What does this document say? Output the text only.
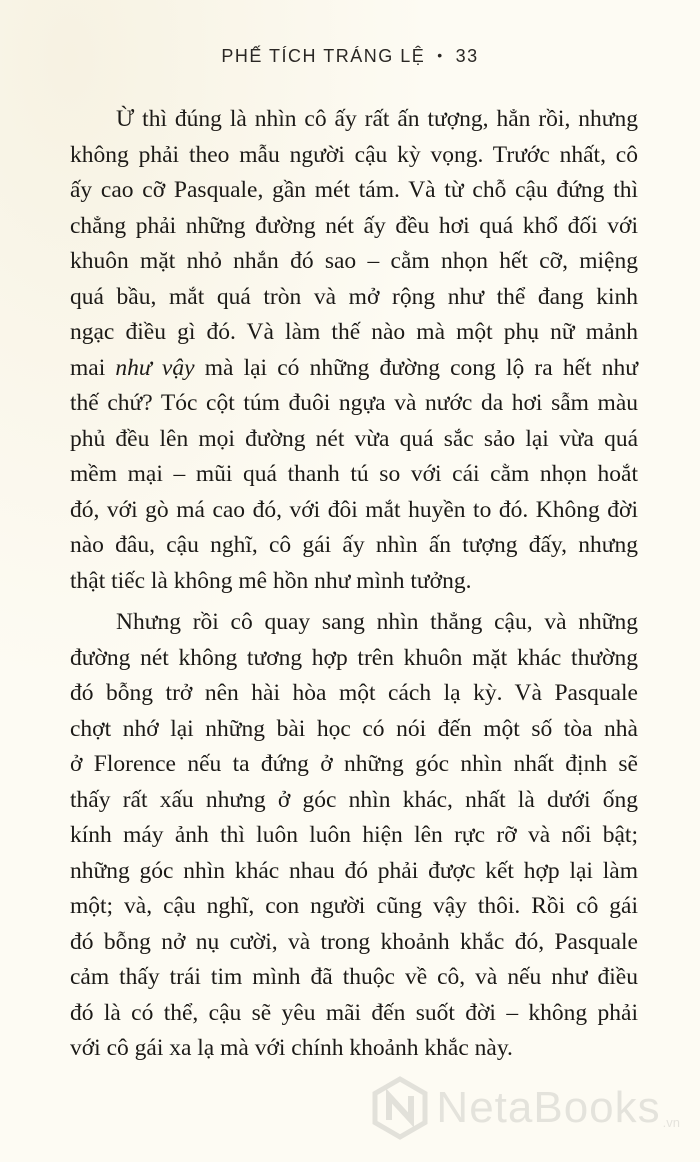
PHẾ TÍCH TRÁNG LỆ • 33
Ừ thì đúng là nhìn cô ấy rất ấn tượng, hẳn rồi, nhưng
không phải theo mẫu người cậu kỳ vọng. Trước nhất, cô
ấy cao cỡ Pasquale, gần mét tám. Và từ chỗ cậu đứng thì
chẳng phải những đường nét ấy đều hơi quá khổ đối với
khuôn mặt nhỏ nhắn đó sao – cằm nhọn hết cỡ, miệng
quá bầu, mắt quá tròn và mở rộng như thể đang kinh
ngạc điều gì đó. Và làm thế nào mà một phụ nữ mảnh
mai như vậy mà lại có những đường cong lộ ra hết như
thế chứ? Tóc cột túm đuôi ngựa và nước da hơi sẫm màu
phủ đều lên mọi đường nét vừa quá sắc sảo lại vừa quá
mềm mại – mũi quá thanh tú so với cái cằm nhọn hoắt
đó, với gò má cao đó, với đôi mắt huyền to đó. Không đời
nào đâu, cậu nghĩ, cô gái ấy nhìn ấn tượng đấy, nhưng
thật tiếc là không mê hồn như mình tưởng.
Nhưng rồi cô quay sang nhìn thẳng cậu, và những
đường nét không tương hợp trên khuôn mặt khác thường
đó bỗng trở nên hài hòa một cách lạ kỳ. Và Pasquale
chợt nhớ lại những bài học có nói đến một số tòa nhà
ở Florence nếu ta đứng ở những góc nhìn nhất định sẽ
thấy rất xấu nhưng ở góc nhìn khác, nhất là dưới ống
kính máy ảnh thì luôn luôn hiện lên rực rỡ và nổi bật;
những góc nhìn khác nhau đó phải được kết hợp lại làm
một; và, cậu nghĩ, con người cũng vậy thôi. Rồi cô gái
đó bỗng nở nụ cười, và trong khoảnh khắc đó, Pasquale
cảm thấy trái tim mình đã thuộc về cô, và nếu như điều
đó là có thể, cậu sẽ yêu mãi đến suốt đời – không phải
với cô gái xa lạ mà với chính khoảnh khắc này.
NetaBooks .vn
